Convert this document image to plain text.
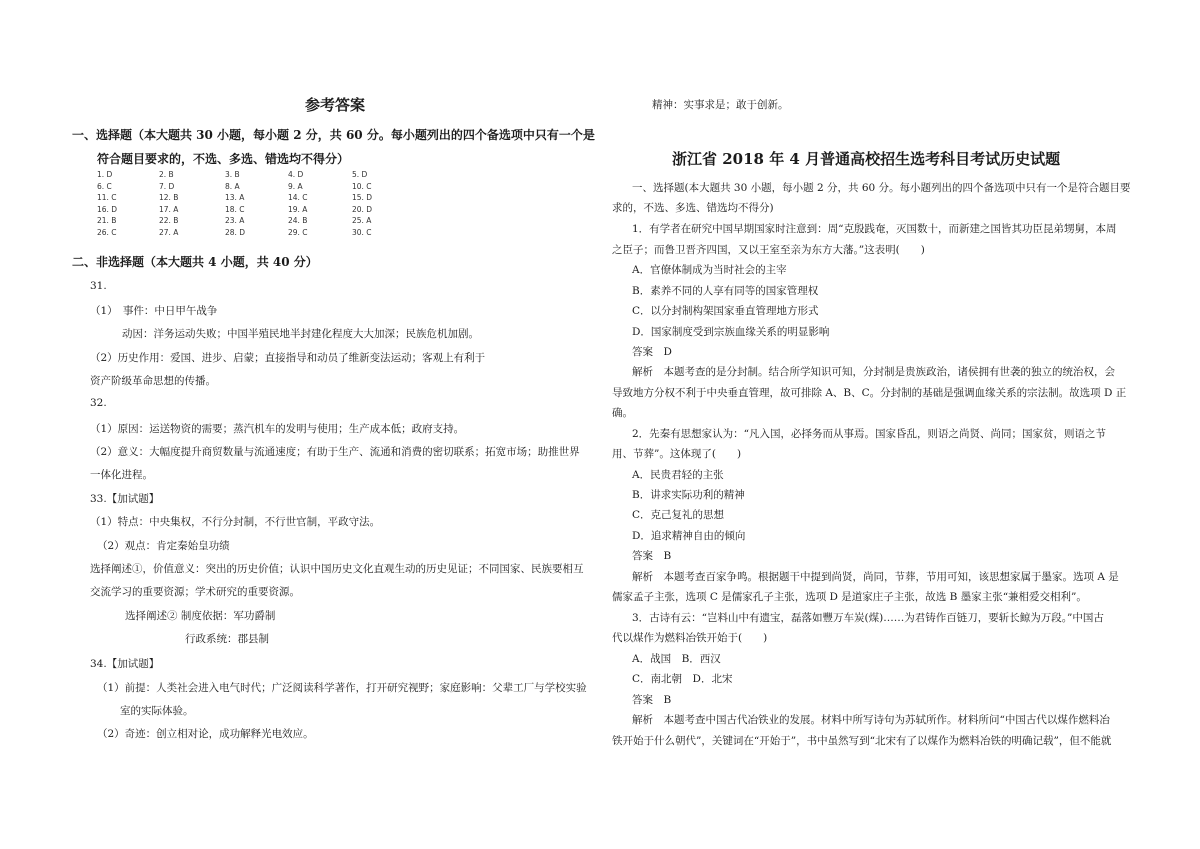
参考答案
一、选择题（本大题共 30 小题，每小题 2 分，共 60 分。每小题列出的四个备选项中只有一个是
符合题目要求的，不选、多选、错选均不得分）
1. D	2. B	3. B	4. D	5. D
6. C	7. D	8. A	9. A	10. C
11. C	12. B	13. A	14. C	15. D
16. D	17. A	18. C	19. A	20. D
21. B	22. B	23. A	24. B	25. A
26. C	27. A	28. D	29. C	30. C
二、非选择题（本大题共 4 小题，共 40 分）
31.
（1）　事件：中日甲午战争
动因：洋务运动失败；中国半殖民地半封建化程度大大加深；民族危机加剧。
（2）历史作用：爱国、进步、启蒙；直接指导和动员了维新变法运动；客观上有利于
资产阶级革命思想的传播。
32.
（1）原因：运送物资的需要；蒸汽机车的发明与使用；生产成本低；政府支持。
（2）意义：大幅度提升商贸数量与流通速度；有助于生产、流通和消费的密切联系；拓宽市场；助推世界
一体化进程。
33.【加试题】
（1）特点：中央集权，不行分封制，不行世官制，平政守法。
（2）观点：肯定秦始皇功绩
选择阐述①，价值意义：突出的历史价值；认识中国历史文化直观生动的历史见证；不同国家、民族要相互
交流学习的重要资源；学术研究的重要资源。
选择阐述② 制度依据：军功爵制
行政系统：郡县制
34.【加试题】
（1）前提：人类社会进入电气时代；广泛阅读科学著作，打开研究视野；家庭影响：父辈工厂与学校实验
室的实际体验。
（2）奇迹：创立相对论，成功解释光电效应。
精神：实事求是；敢于创新。
浙江省 2018 年 4 月普通高校招生选考科目考试历史试题
一、选择题(本大题共 30 小题，每小题 2 分，共 60 分。每小题列出的四个备选项中只有一个是符合题目要
求的，不选、多选、错选均不得分)
1．有学者在研究中国早期国家时注意到：周“克殷践奄，灭国数十，而新建之国皆其功臣昆弟甥舅，本周
之臣子；而鲁卫晋齐四国，又以王室至亲为东方大藩。”这表明(　　)
A．官僚体制成为当时社会的主宰
B．素养不同的人享有同等的国家管理权
C．以分封制构架国家垂直管理地方形式
D．国家制度受到宗族血缘关系的明显影响
答案　D
解析　本题考查的是分封制。结合所学知识可知，分封制是贵族政治，诸侯拥有世袭的独立的统治权，会
导致地方分权不利于中央垂直管理，故可排除 A、B、C。分封制的基础是强调血缘关系的宗法制。故选项 D 正
确。
2．先秦有思想家认为：“凡入国，必择务而从事焉。国家昏乱，则语之尚贤、尚同；国家贫，则语之节
用、节葬”。这体现了(　　)
A．民贵君轻的主张
B．讲求实际功利的精神
C．克己复礼的思想
D．追求精神自由的倾向
答案　B
解析　本题考查百家争鸣。根据题干中提到尚贤，尚同，节葬，节用可知，该思想家属于墨家。选项 A 是
儒家孟子主张，选项 C 是儒家孔子主张，选项 D 是道家庄子主张，故选 B 墨家主张“兼相爱交相利”。
3．古诗有云：“岂料山中有遗宝，磊落如豐万车炭(煤)……为君铸作百链刀，要斩长鲸为万段。”中国古
代以煤作为燃料冶铁开始于(　　)
A．战国　B．西汉
C．南北朝　D．北宋
答案　B
解析　本题考查中国古代冶铁业的发展。材料中所写诗句为苏轼所作。材料所问“中国古代以煤作燃料冶
铁开始于什么朝代”，关键词在“开始于”，书中虽然写到“北宋有了以煤作为燃料冶铁的明确记载”，但不能就
